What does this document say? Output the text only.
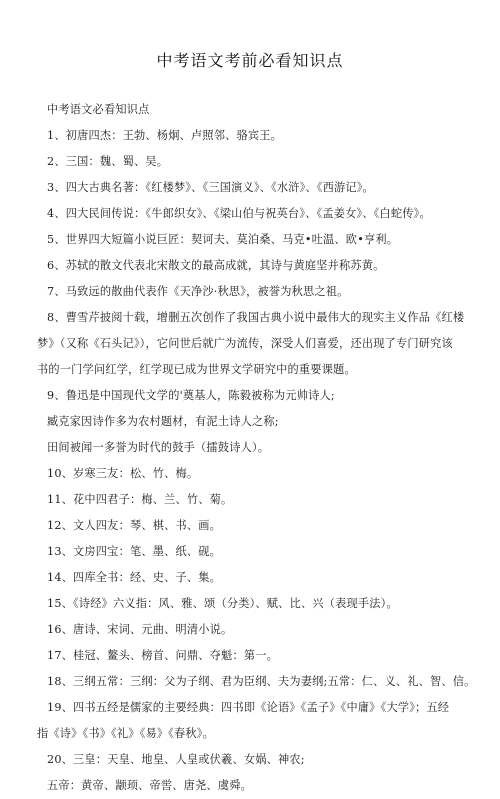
中考语文考前必看知识点
中考语文必看知识点
1、初唐四杰：王勃、杨炯、卢照邻、骆宾王。
2、三国：魏、蜀、吴。
3、四大古典名著：《红楼梦》、《三国演义》、《水浒》、《西游记》。
4、四大民间传说：《牛郎织女》、《梁山伯与祝英台》、《孟姜女》、《白蛇传》。
5、世界四大短篇小说巨匠：契诃夫、莫泊桑、马克•吐温、欧•亨利。
6、苏轼的散文代表北宋散文的最高成就，其诗与黄庭坚并称苏黄。
7、马致远的散曲代表作《天净沙·秋思》，被誉为秋思之祖。
8、曹雪芹披阅十载，增删五次创作了我国古典小说中最伟大的现实主义作品《红楼
梦》（又称《石头记》），它问世后就广为流传，深受人们喜爱，还出现了专门研究该
书的一门学问红学，红学现已成为世界文学研究中的重要课题。
9、鲁迅是中国现代文学的'奠基人，陈毅被称为元帅诗人;
臧克家因诗作多为农村题材，有泥土诗人之称;
田间被闻一多誉为时代的鼓手（擂鼓诗人）。
10、岁寒三友：松、竹、梅。
11、花中四君子：梅、兰、竹、菊。
12、文人四友：琴、棋、书、画。
13、文房四宝：笔、墨、纸、砚。
14、四库全书：经、史、子、集。
15、《诗经》六义指：风、雅、颂（分类）、赋、比、兴（表现手法）。
16、唐诗、宋词、元曲、明清小说。
17、桂冠、鳌头、榜首、问鼎、夺魁：第一。
18、三纲五常：三纲：父为子纲、君为臣纲、夫为妻纲;五常：仁、义、礼、智、信。
19、四书五经是儒家的主要经典：四书即《论语》《孟子》《中庸》《大学》；五经
指《诗》《书》《礼》《易》《春秋》。
20、三皇：天皇、地皇、人皇或伏羲、女娲、神农;
五帝：黄帝、颛顼、帝喾、唐尧、虞舜。
